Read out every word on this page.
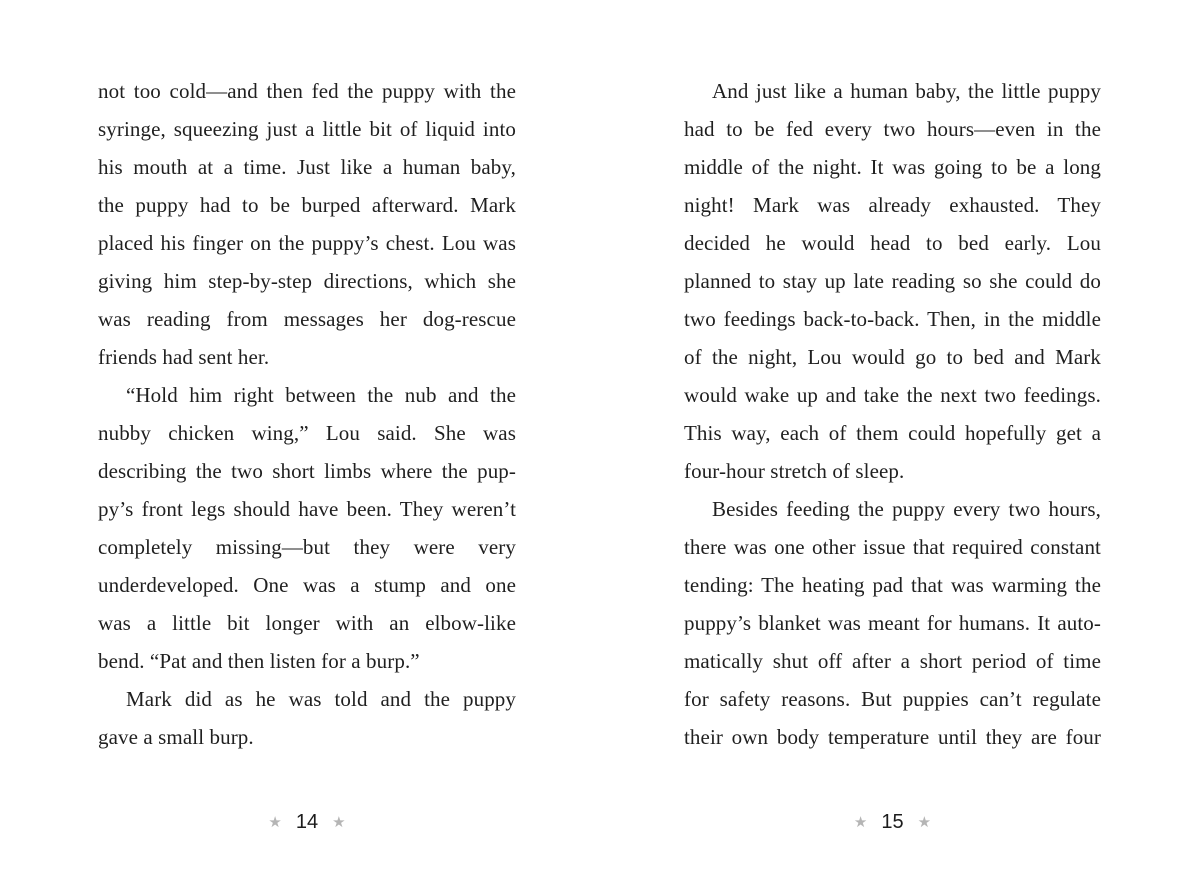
not too cold—and then fed the puppy with the
syringe, squeezing just a little bit of liquid into
his mouth at a time. Just like a human baby,
the puppy had to be burped afterward. Mark
placed his finger on the puppy’s chest. Lou was
giving him step-by-step directions, which she
was reading from messages her dog-rescue
friends had sent her.
“Hold him right between the nub and the
nubby chicken wing,” Lou said. She was
describing the two short limbs where the pup-
py’s front legs should have been. They weren’t
completely missing—but they were very
underdeveloped. One was a stump and one
was a little bit longer with an elbow-like
bend. “Pat and then listen for a burp.”
Mark did as he was told and the puppy
gave a small burp.
And just like a human baby, the little puppy
had to be fed every two hours—even in the
middle of the night. It was going to be a long
night! Mark was already exhausted. They
decided he would head to bed early. Lou
planned to stay up late reading so she could do
two feedings back-to-back. Then, in the middle
of the night, Lou would go to bed and Mark
would wake up and take the next two feedings.
This way, each of them could hopefully get a
four-hour stretch of sleep.
Besides feeding the puppy every two hours,
there was one other issue that required constant
tending: The heating pad that was warming the
puppy’s blanket was meant for humans. It auto-
matically shut off after a short period of time
for safety reasons. But puppies can’t regulate
their own body temperature until they are four
★ 14 ★	★ 15 ★
